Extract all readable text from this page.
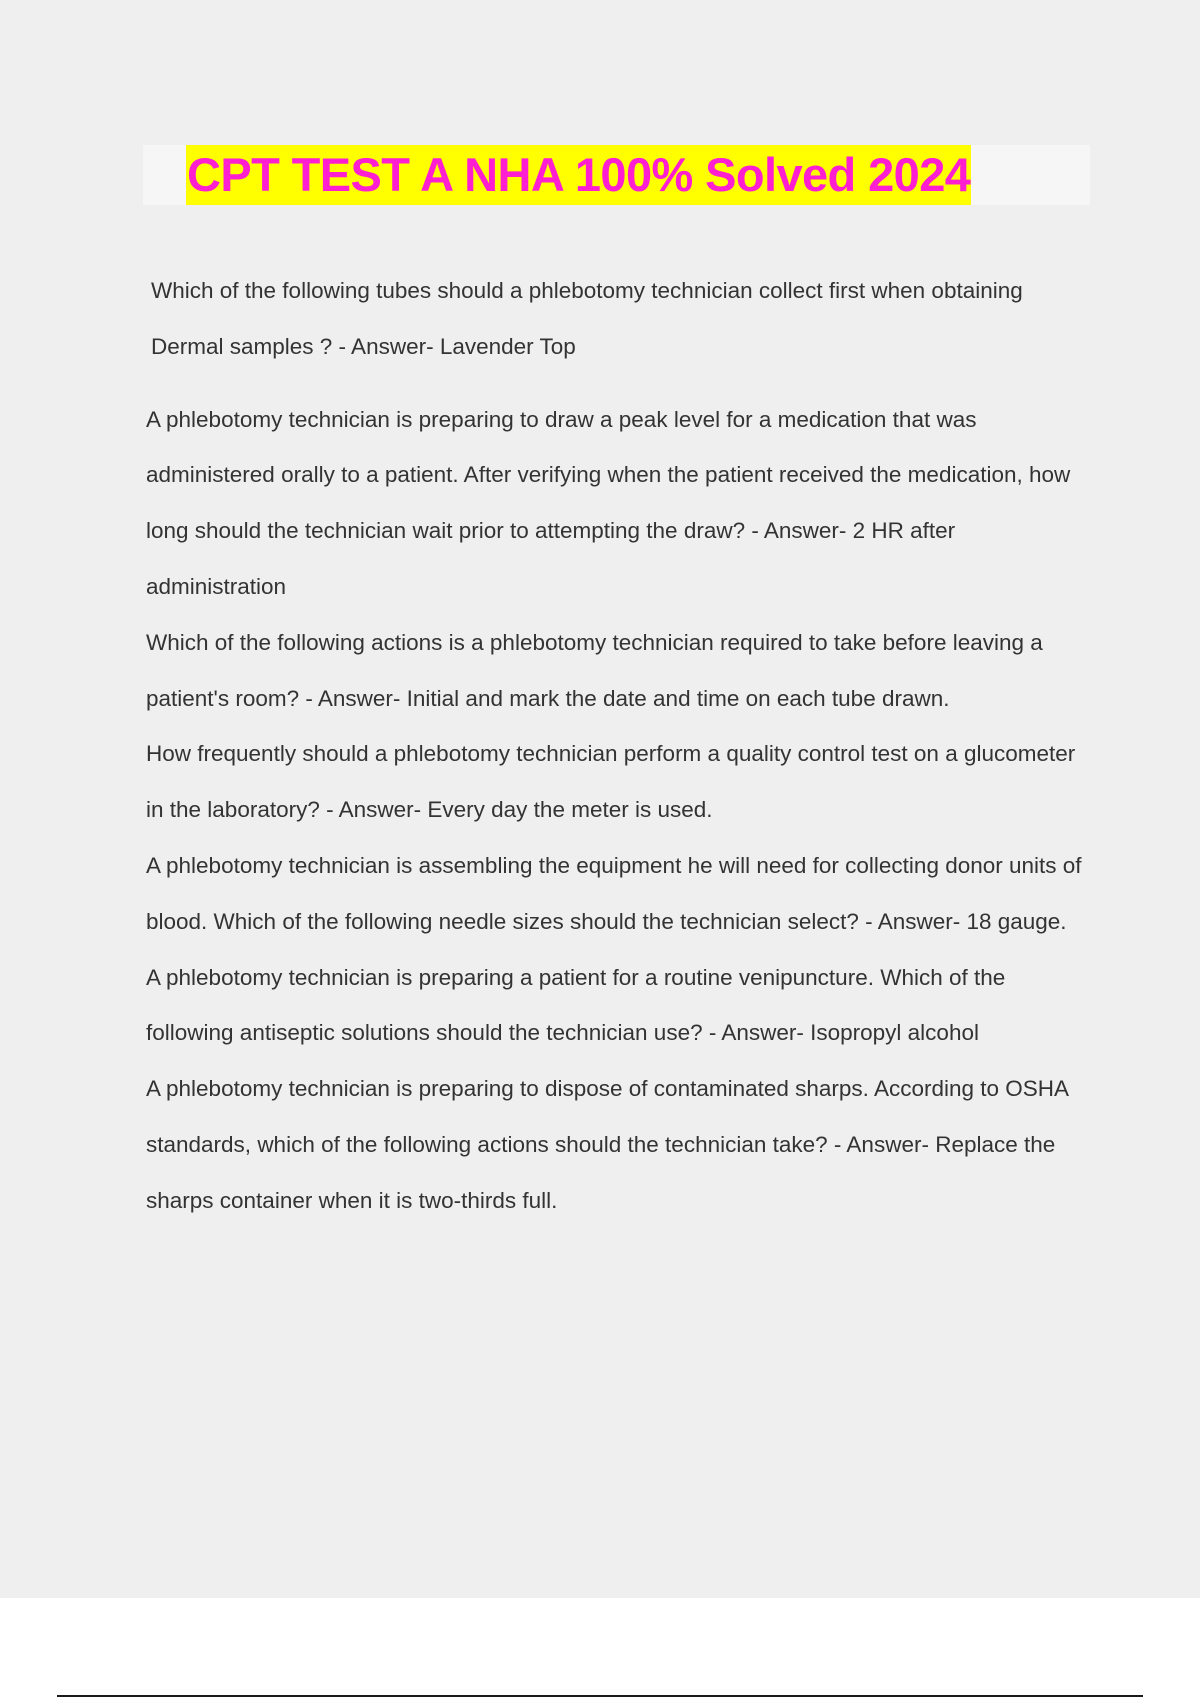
CPT TEST A NHA 100% Solved 2024

Which of the following tubes should a phlebotomy technician collect first when obtaining Dermal samples ? - Answer- Lavender Top

A phlebotomy technician is preparing to draw a peak level for a medication that was administered orally to a patient. After verifying when the patient received the medication, how long should the technician wait prior to attempting the draw? - Answer- 2 HR after administration

Which of the following actions is a phlebotomy technician required to take before leaving a patient's room? - Answer- Initial and mark the date and time on each tube drawn.

How frequently should a phlebotomy technician perform a quality control test on a glucometer in the laboratory? - Answer- Every day the meter is used.

A phlebotomy technician is assembling the equipment he will need for collecting donor units of blood. Which of the following needle sizes should the technician select? - Answer- 18 gauge.

A phlebotomy technician is preparing a patient for a routine venipuncture. Which of the following antiseptic solutions should the technician use? - Answer- Isopropyl alcohol

A phlebotomy technician is preparing to dispose of contaminated sharps. According to OSHA standards, which of the following actions should the technician take? - Answer- Replace the sharps container when it is two-thirds full.
